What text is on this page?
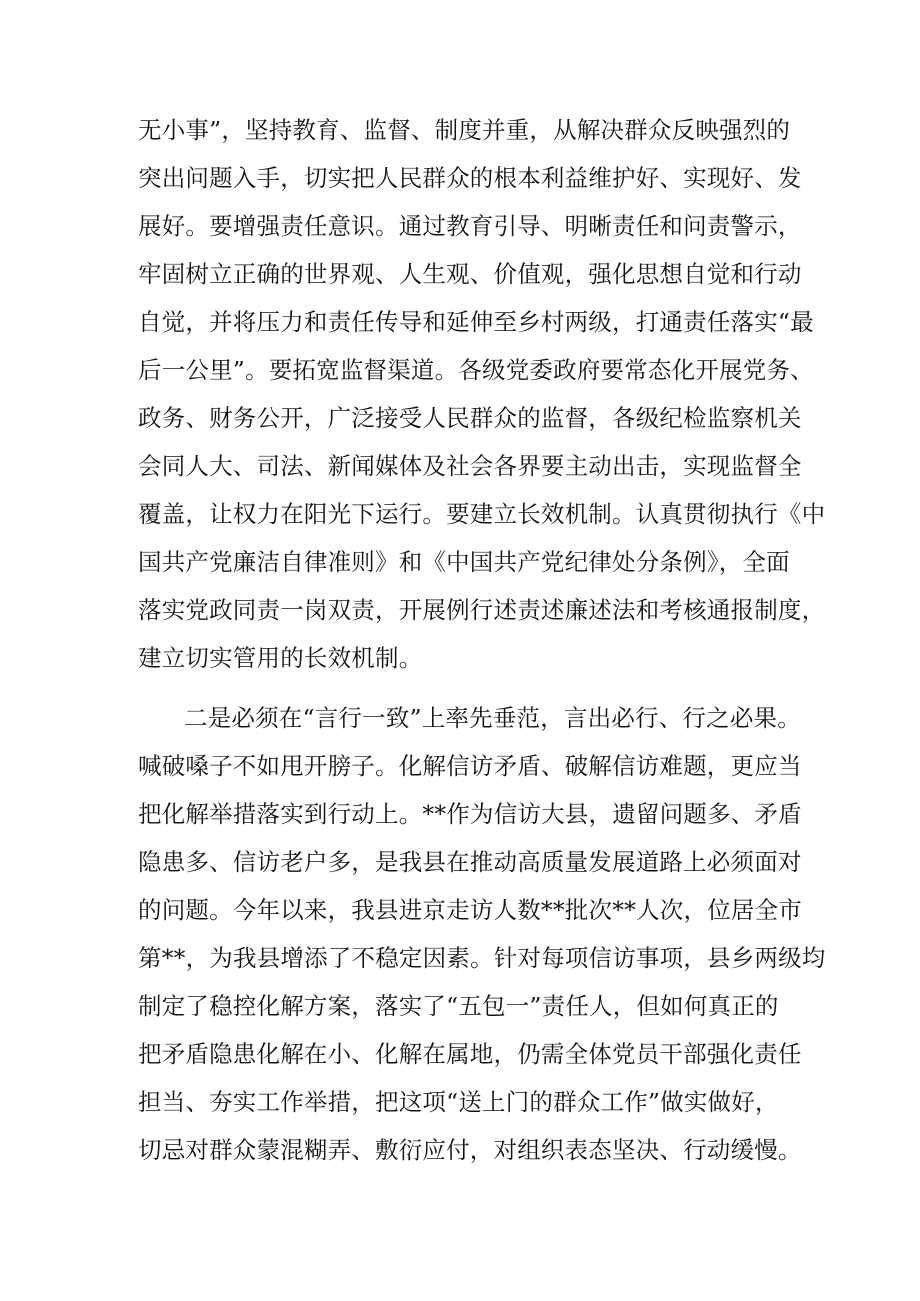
无小事”，坚持教育、监督、制度并重，从解决群众反映强烈的
突出问题入手，切实把人民群众的根本利益维护好、实现好、发
展好。要增强责任意识。通过教育引导、明晰责任和问责警示，
牢固树立正确的世界观、人生观、价值观，强化思想自觉和行动
自觉，并将压力和责任传导和延伸至乡村两级，打通责任落实“最
后一公里”。要拓宽监督渠道。各级党委政府要常态化开展党务、
政务、财务公开，广泛接受人民群众的监督，各级纪检监察机关
会同人大、司法、新闻媒体及社会各界要主动出击，实现监督全
覆盖，让权力在阳光下运行。要建立长效机制。认真贯彻执行《中
国共产党廉洁自律准则》和《中国共产党纪律处分条例》，全面
落实党政同责一岗双责，开展例行述责述廉述法和考核通报制度，
建立切实管用的长效机制。
二是必须在“言行一致”上率先垂范，言出必行、行之必果。
喊破嗓子不如甩开膀子。化解信访矛盾、破解信访难题，更应当
把化解举措落实到行动上。**作为信访大县，遗留问题多、矛盾
隐患多、信访老户多，是我县在推动高质量发展道路上必须面对
的问题。今年以来，我县进京走访人数**批次**人次，位居全市
第**，为我县增添了不稳定因素。针对每项信访事项，县乡两级均
制定了稳控化解方案，落实了“五包一”责任人，但如何真正的
把矛盾隐患化解在小、化解在属地，仍需全体党员干部强化责任
担当、夯实工作举措，把这项“送上门的群众工作”做实做好，
切忌对群众蒙混糊弄、敷衍应付，对组织表态坚决、行动缓慢。
